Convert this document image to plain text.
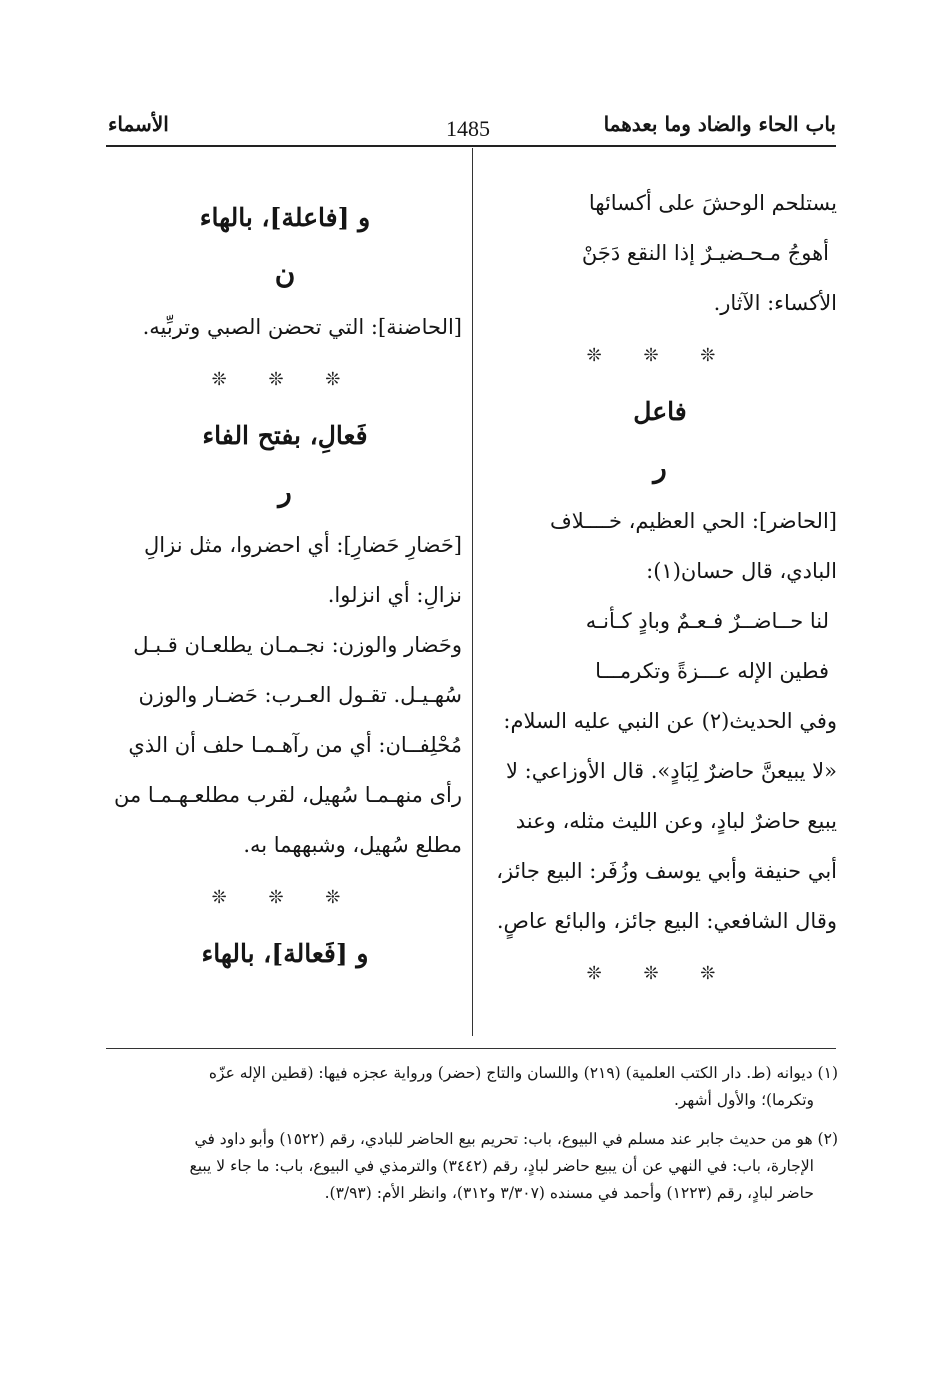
باب الحاء والضاد وما بعدهما
1485
الأسماء

يستلحم الوحشَ على أكسائها

أهوجُ مـحـضيـرٌ إذا النقع دَجَنْ

الأكساء: الآثار.

❊ ❊ ❊

فاعل

ر

[الحاضر]: الحي العظيم، خــــلاف

البادي، قال حسان(١):

لنا حــاضــرٌ فـعـمٌ وبادٍ كـأنـه

فطين الإله عـــزةً وتكرمـــا

وفي الحديث(٢) عن النبي عليه السلام:

«لا يبيعنَّ حاضرٌ لِبَادٍ». قال الأوزاعي: لا

يبيع حاضرٌ لبادٍ، وعن الليث مثله، وعند

أبي حنيفة وأبي يوسف وزُفَر: البيع جائز،

وقال الشافعي: البيع جائز، والبائع عاصٍ.

❊ ❊ ❊

و [فاعلة]، بالهاء

ن

[الحاضنة]: التي تحضن الصبي وتربِّيه.

❊ ❊ ❊

فَعالِ، بفتح الفاء

ر

[حَضارِ حَضارِ]: أي احضروا، مثل نزالِ

نزالِ: أي انزلوا.

وحَضار والوزن: نجـمـان يطلعـان قـبـل

سُهـيـل. تقـول العـرب: حَضـار والوزن

مُحْلِفــان: أي من رآهـمـا حلف أن الذي

رأى منهـمـا سُهيل، لقرب مطلعـهـمـا من

مطلع سُهيل، وشبههما به.

❊ ❊ ❊

و [فَعالة]، بالهاء

(١) ديوانه (ط. دار الكتب العلمية) (٢١٩) واللسان والتاج (حضر) ورواية عجزه فيها: (قطين الإله عزّه

وتكرما)؛ والأول أشهر.

(٢) هو من حديث جابر عند مسلم في البيوع، باب: تحريم بيع الحاضر للبادي، رقم (١٥٢٢) وأبو داود في

الإجارة، باب: في النهي عن أن يبيع حاضر لبادٍ، رقم (٣٤٤٢) والترمذي في البيوع، باب: ما جاء لا يبيع

حاضر لبادٍ، رقم (١٢٢٣) وأحمد في مسنده (٣/٣٠٧ و٣١٢)، وانظر الأم: (٣/٩٣).
